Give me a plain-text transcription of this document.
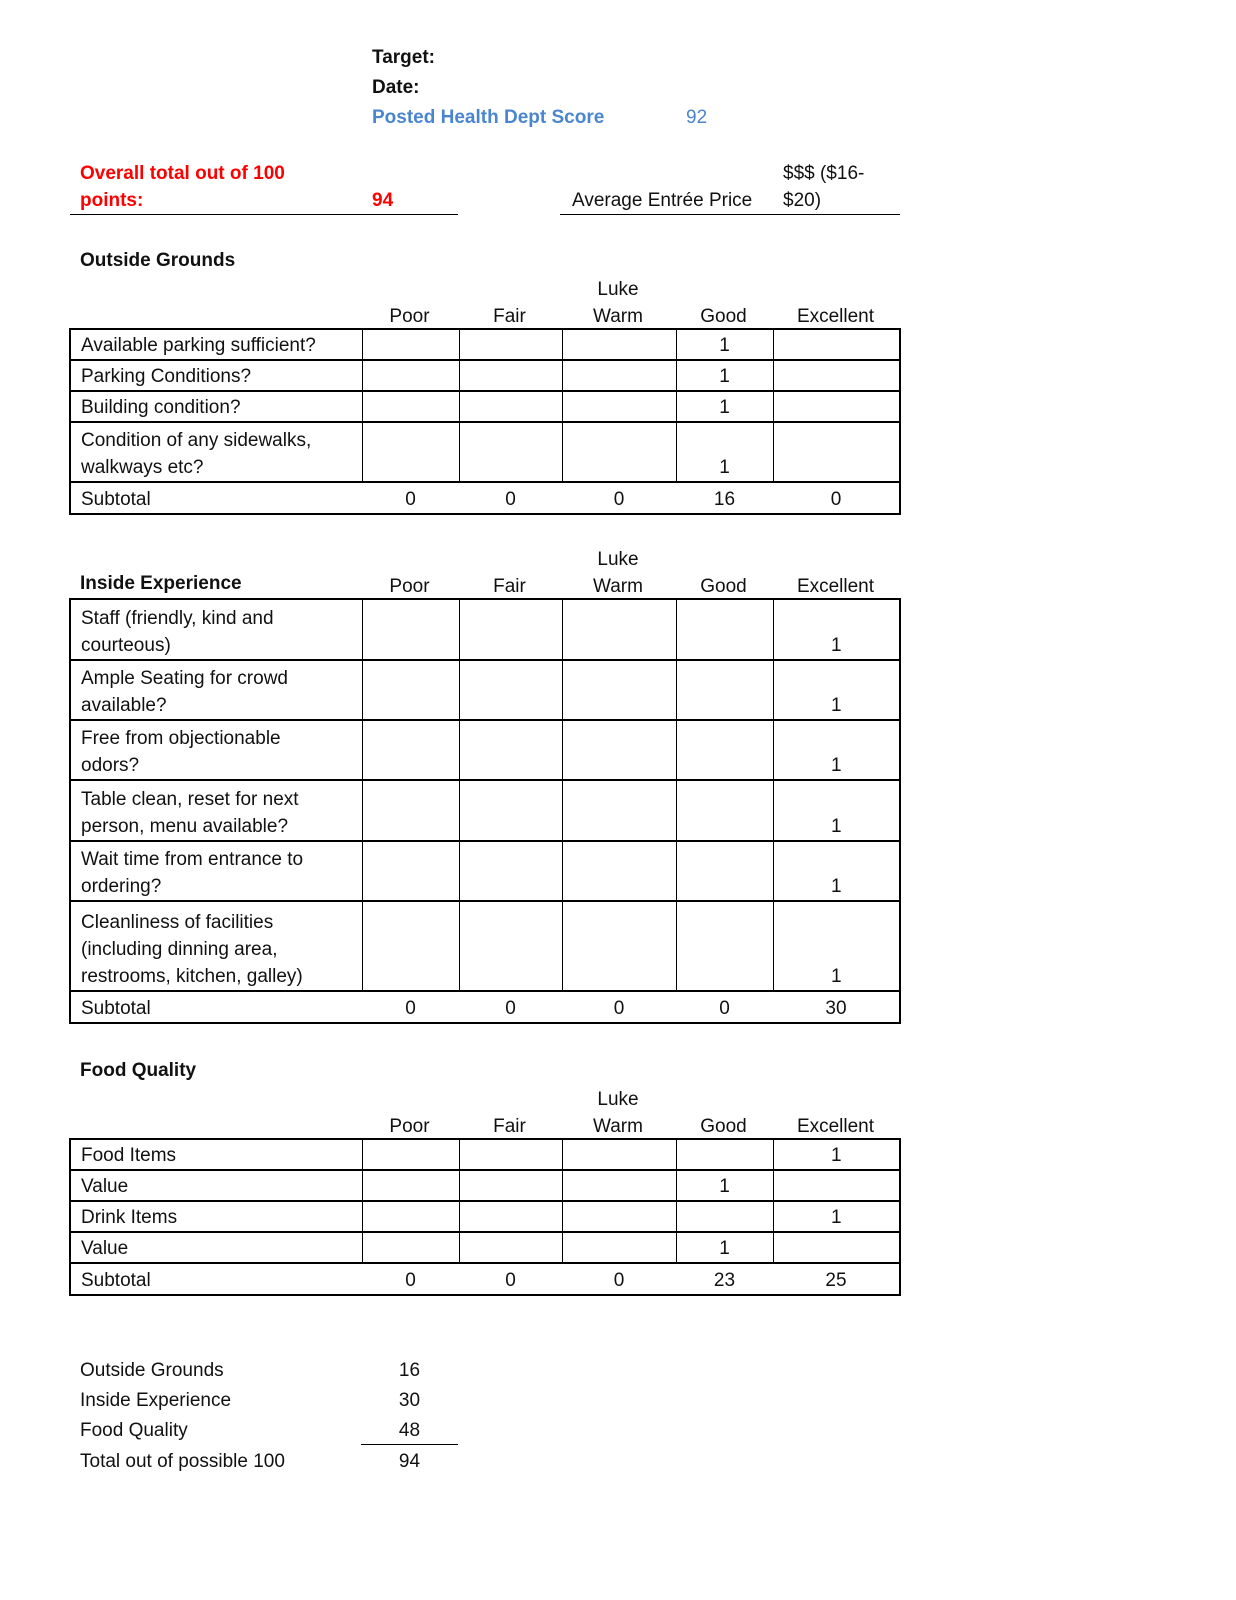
Target:
Date:
Posted Health Dept Score	92
Overall total out of 100
points:	94	Average Entrée Price
$$$ ($16-
$20)
Outside Grounds
Poor	Fair
Luke
Warm	Good	Excellent
Available parking sufficient?				1	

Parking Conditions?				1	

Building condition?				1	

Condition of any sidewalks,
walkways etc?				1	
Subtotal	0	0	0	16	0
Inside Experience	Poor	Fair
Luke
Warm	Good	Excellent
Staff (friendly, kind and
courteous)					1

Ample Seating for crowd
available?					1

Free from objectionable
odors?					1

Table clean, reset for next
person, menu available?					1

Wait time from entrance to
ordering?					1

Cleanliness of facilities
(including dinning area,
restrooms, kitchen, galley)					1
Subtotal	0	0	0	0	30
Food Quality
Poor	Fair
Luke
Warm	Good	Excellent
Food Items					1

Value				1	

Drink Items					1

Value				1	
Subtotal	0	0	0	23	25
Outside Grounds	16
Inside Experience	30
Food Quality	48
Total out of possible 100	94
